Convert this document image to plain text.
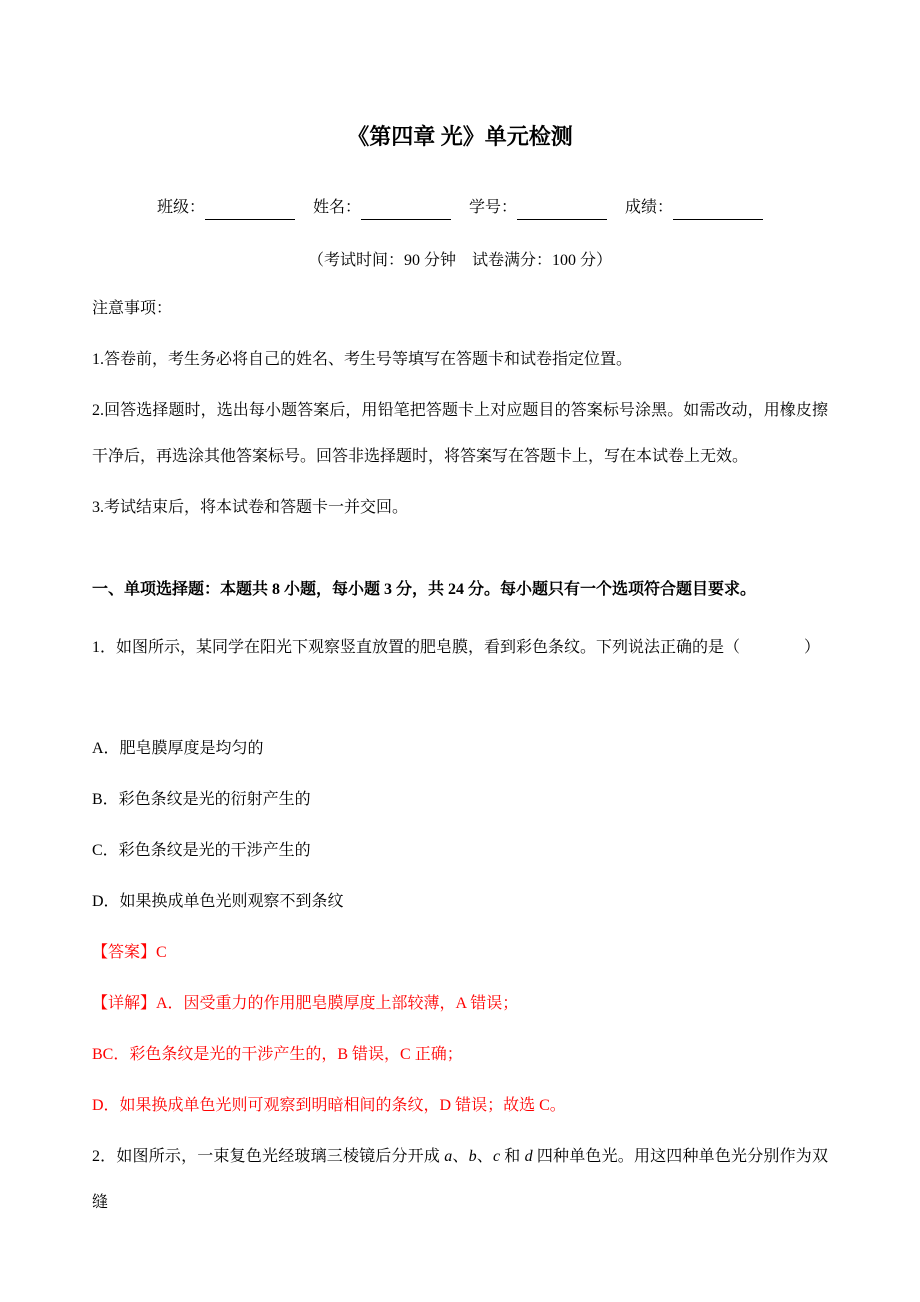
《第四章 光》单元检测
班级：	姓名：	学号：	成绩：

（考试时间：90 分钟　试卷满分：100 分）

注意事项：

1.答卷前，考生务必将自己的姓名、考生号等填写在答题卡和试卷指定位置。

2.回答选择题时，选出每小题答案后，用铅笔把答题卡上对应题目的答案标号涂黑。如需改动，用橡皮擦干净后，再选涂其他答案标号。回答非选择题时，将答案写在答题卡上，写在本试卷上无效。

3.考试结束后，将本试卷和答题卡一并交回。

一、单项选择题：本题共 8 小题，每小题 3 分，共 24 分。每小题只有一个选项符合题目要求。

1．如图所示，某同学在阳光下观察竖直放置的肥皂膜，看到彩色条纹。下列说法正确的是（　　　　）

A．肥皂膜厚度是均匀的

B．彩色条纹是光的衍射产生的

C．彩色条纹是光的干涉产生的

D．如果换成单色光则观察不到条纹

【答案】C

【详解】A．因受重力的作用肥皂膜厚度上部较薄，A 错误；

BC．彩色条纹是光的干涉产生的，B 错误，C 正确；

D．如果换成单色光则可观察到明暗相间的条纹，D 错误；故选 C。

2．如图所示，一束复色光经玻璃三棱镜后分开成 a、b、c 和 d 四种单色光。用这四种单色光分别作为双缝
